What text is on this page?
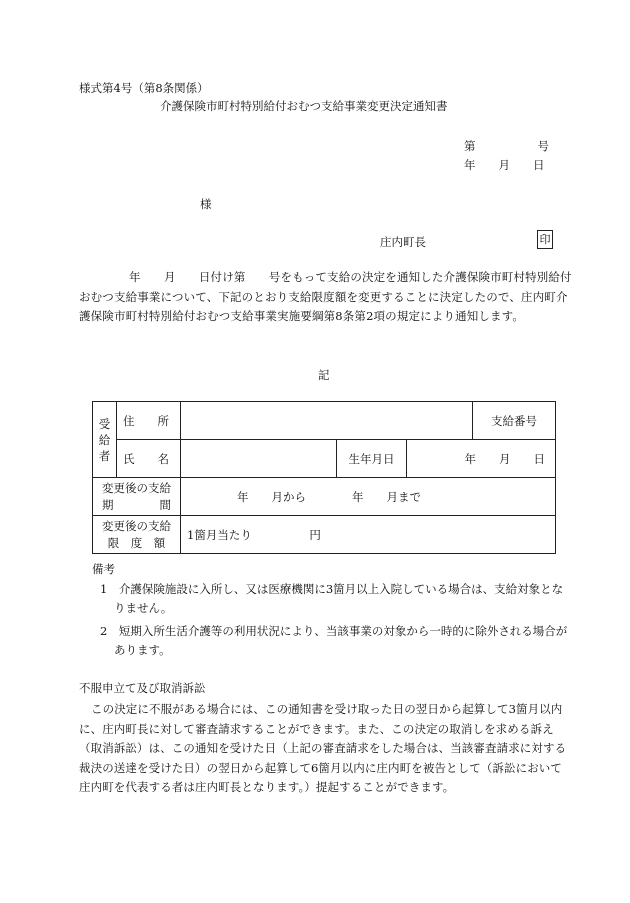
様式第4号（第8条関係）
介護保険市町村特別給付おむつ支給事業変更決定通知書
第	号
年　　月　　日
様
庄内町長	印
年　　月　　日付け第　　号をもって支給の決定を通知した介護保険市町村特別給付おむつ支給事業について、下記のとおり支給限度額を変更することに決定したので、庄内町介護保険市町村特別給付おむつ支給事業実施要綱第8条第2項の規定により通知します。
記
受
給
者	住　　所				支給番号
	氏　　名		生年月日	年　　月　　日	
変更後の支給
期　　　　間		年　　月から　　　　年　　月まで			
変更後の支給
限　度　額		1箇月当たり　　　　　円			
備考
1　介護保険施設に入所し、又は医療機関に3箇月以上入院している場合は、支給対象となりません。
2　短期入所生活介護等の利用状況により、当該事業の対象から一時的に除外される場合があります。
不服申立て及び取消訴訟
この決定に不服がある場合には、この通知書を受け取った日の翌日から起算して3箇月以内に、庄内町長に対して審査請求することができます。また、この決定の取消しを求める訴え（取消訴訟）は、この通知を受けた日（上記の審査請求をした場合は、当該審査請求に対する裁決の送達を受けた日）の翌日から起算して6箇月以内に庄内町を被告として（訴訟において庄内町を代表する者は庄内町長となります。）提起することができます。
